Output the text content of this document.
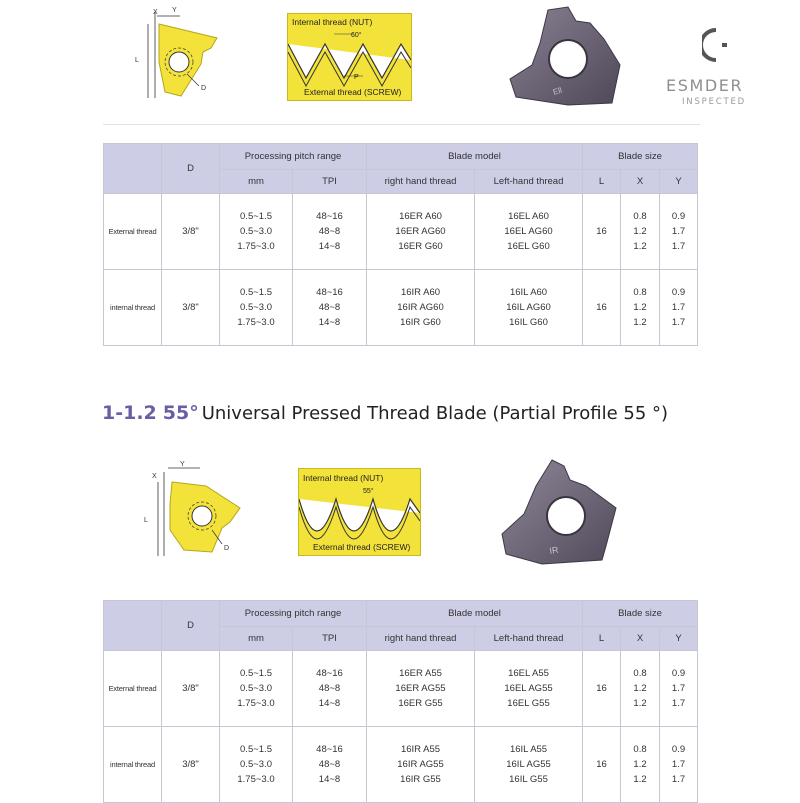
X Y
L
D
Internal thread (NUT)
60°
P
External thread (SCREW)	Ell	ESMDER
INSPECTED
	D	Processing pitch range		Blade model		Blade size		
		mm	TPI	right hand thread	Left-hand thread	L	X	Y
External thread	3/8"	0.5~1.5
0.5~3.0
1.75~3.0	48~16
48~8
14~8	16ER A60
16ER AG60
16ER G60	16EL A60
16EL AG60
16EL G60	16	0.8
1.2
1.2	0.9
1.7
1.7

internal thread	3/8"	0.5~1.5
0.5~3.0
1.75~3.0	48~16
48~8
14~8	16IR A60
16IR AG60
16IR G60	16IL A60
16IL AG60
16IL G60	16	0.8
1.2
1.2	0.9
1.7
1.7
1-1.2 55° Universal Pressed Thread Blade (Partial Profile 55 °)
X
Y
L
D
Internal thread (NUT)
55°
External thread (SCREW)	IR
	D	Processing pitch range		Blade model		Blade size		
		mm	TPI	right hand thread	Left-hand thread	L	X	Y
External thread	3/8"	0.5~1.5
0.5~3.0
1.75~3.0	48~16
48~8
14~8	16ER A55
16ER AG55
16ER G55	16EL A55
16EL AG55
16EL G55	16	0.8
1.2
1.2	0.9
1.7
1.7

internal thread	3/8"	0.5~1.5
0.5~3.0
1.75~3.0	48~16
48~8
14~8	16IR A55
16IR AG55
16IR G55	16IL A55
16IL AG55
16IL G55	16	0.8
1.2
1.2	0.9
1.7
1.7
